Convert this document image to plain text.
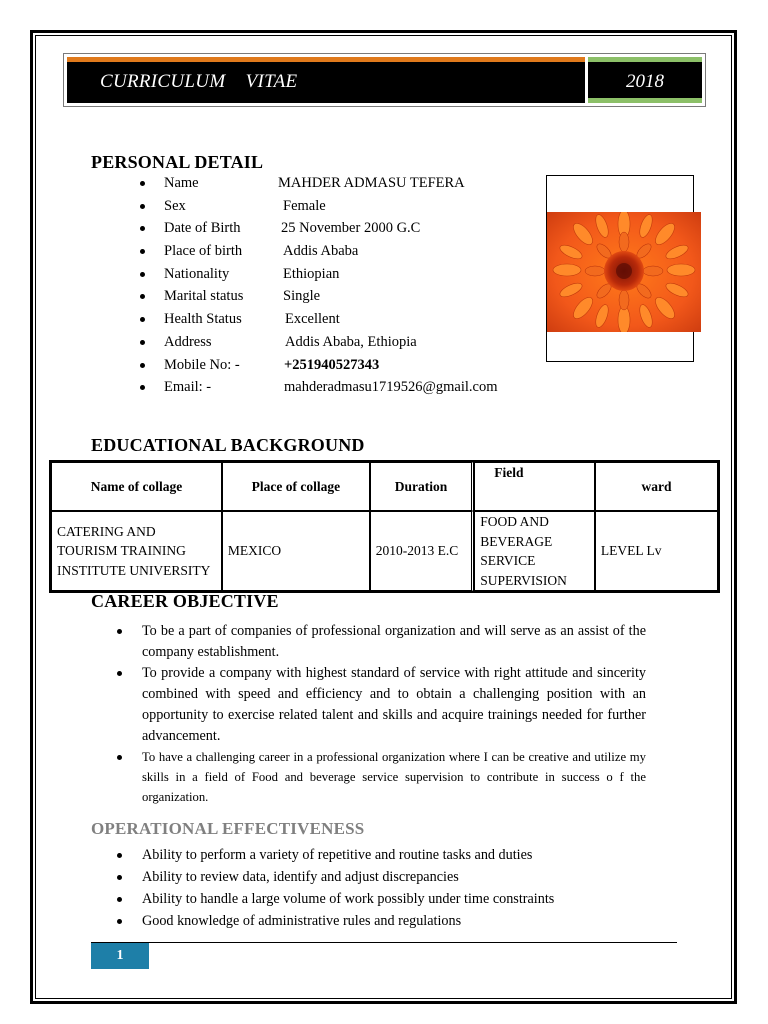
CURRICULUM    VITAE	2018
PERSONAL DETAIL
Name	MAHDER ADMASU TEFERA
Sex	Female
Date of Birth	25 November 2000 G.C
Place of birth	Addis Ababa
Nationality	Ethiopian
Marital status	Single
Health Status	Excellent
Address	Addis Ababa, Ethiopia
Mobile No: -	+251940527343
Email: -	mahderadmasu1719526@gmail.com
EDUCATIONAL BACKGROUND
Name of collage	Place of collage	Duration	Field	ward
CATERING AND TOURISM TRAINING INSTITUTE UNIVERSITY	MEXICO	2010-2013 E.C	FOOD AND BEVERAGE SERVICE SUPERVISION	LEVEL Lv
CAREER OBJECTIVE
To be a part of companies of professional organization and will serve as an assist of the company establishment.
To provide a company with highest standard of service with right attitude and sincerity combined with speed and efficiency and to obtain a challenging position with an opportunity to exercise related talent and skills and acquire trainings needed for further advancement.
To have a challenging career in a professional organization where I can be creative and utilize my skills in a field of Food and beverage service supervision to contribute in success o f the organization.
OPERATIONAL EFFECTIVENESS
Ability to perform a variety of repetitive and routine tasks and duties
Ability to review data, identify and adjust discrepancies
Ability to handle a large volume of work possibly under time constraints
Good knowledge of administrative rules and regulations
1
